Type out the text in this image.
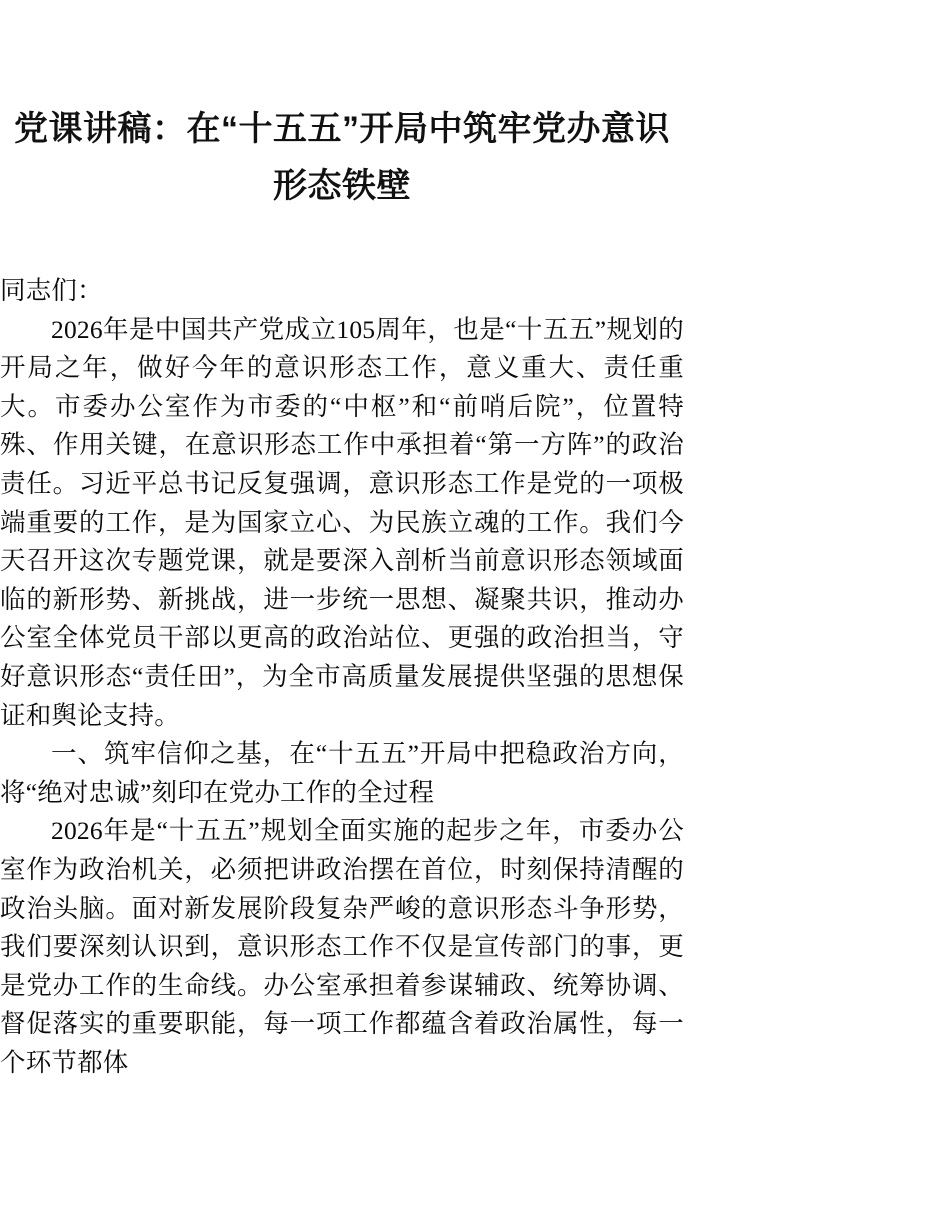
党课讲稿：在“十五五”开局中筑牢党办意识
形态铁壁

同志们：

2026年是中国共产党成立105周年，也是“十五五”规划的开局之年，做好今年的意识形态工作，意义重大、责任重大。市委办公室作为市委的“中枢”和“前哨后院”，位置特殊、作用关键，在意识形态工作中承担着“第一方阵”的政治责任。习近平总书记反复强调，意识形态工作是党的一项极端重要的工作，是为国家立心、为民族立魂的工作。我们今天召开这次专题党课，就是要深入剖析当前意识形态领域面临的新形势、新挑战，进一步统一思想、凝聚共识，推动办公室全体党员干部以更高的政治站位、更强的政治担当，守好意识形态“责任田”，为全市高质量发展提供坚强的思想保证和舆论支持。

一、筑牢信仰之基，在“十五五”开局中把稳政治方向，将“绝对忠诚”刻印在党办工作的全过程

2026年是“十五五”规划全面实施的起步之年，市委办公室作为政治机关，必须把讲政治摆在首位，时刻保持清醒的政治头脑。面对新发展阶段复杂严峻的意识形态斗争形势，我们要深刻认识到，意识形态工作不仅是宣传部门的事，更是党办工作的生命线。办公室承担着参谋辅政、统筹协调、督促落实的重要职能，每一项工作都蕴含着政治属性，每一个环节都体
